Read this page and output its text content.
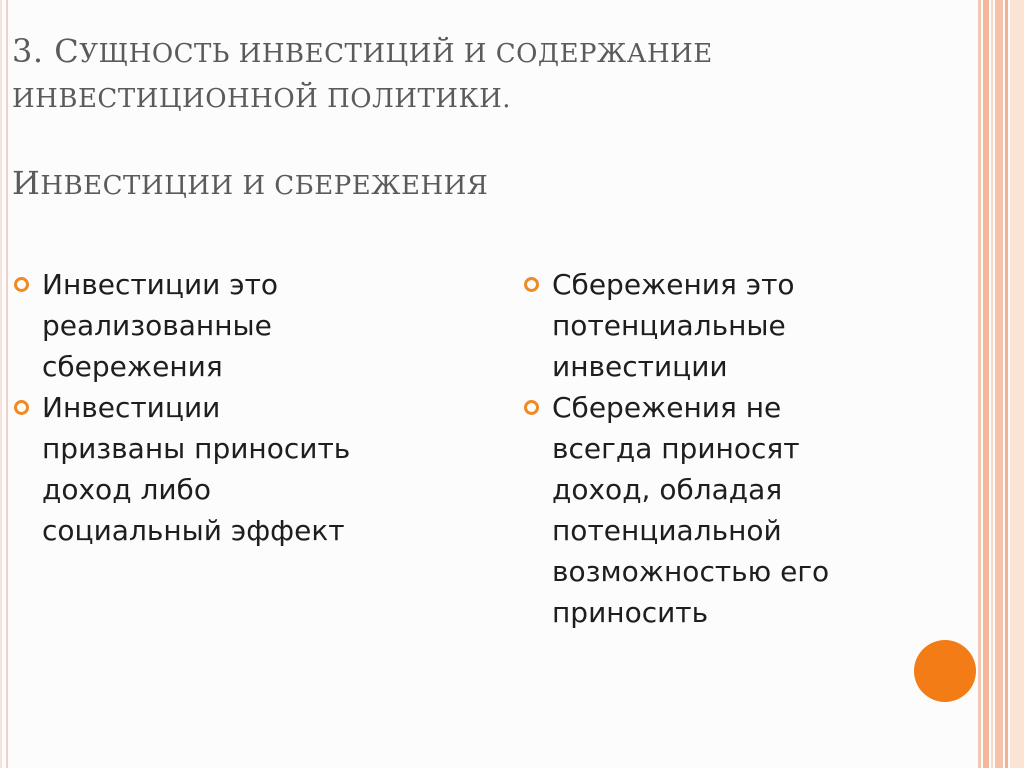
3. СУЩНОСТЬ ИНВЕСТИЦИЙ И СОДЕРЖАНИЕ
ИНВЕСТИЦИОННОЙ ПОЛИТИКИ.
ИНВЕСТИЦИИ И СБЕРЕЖЕНИЯ
Инвестиции это
реализованные
сбережения
Инвестиции
призваны приносить
доход либо
социальный эффект
Сбережения это
потенциальные
инвестиции
Сбережения не
всегда приносят
доход, обладая
потенциальной
возможностью его
приносить
